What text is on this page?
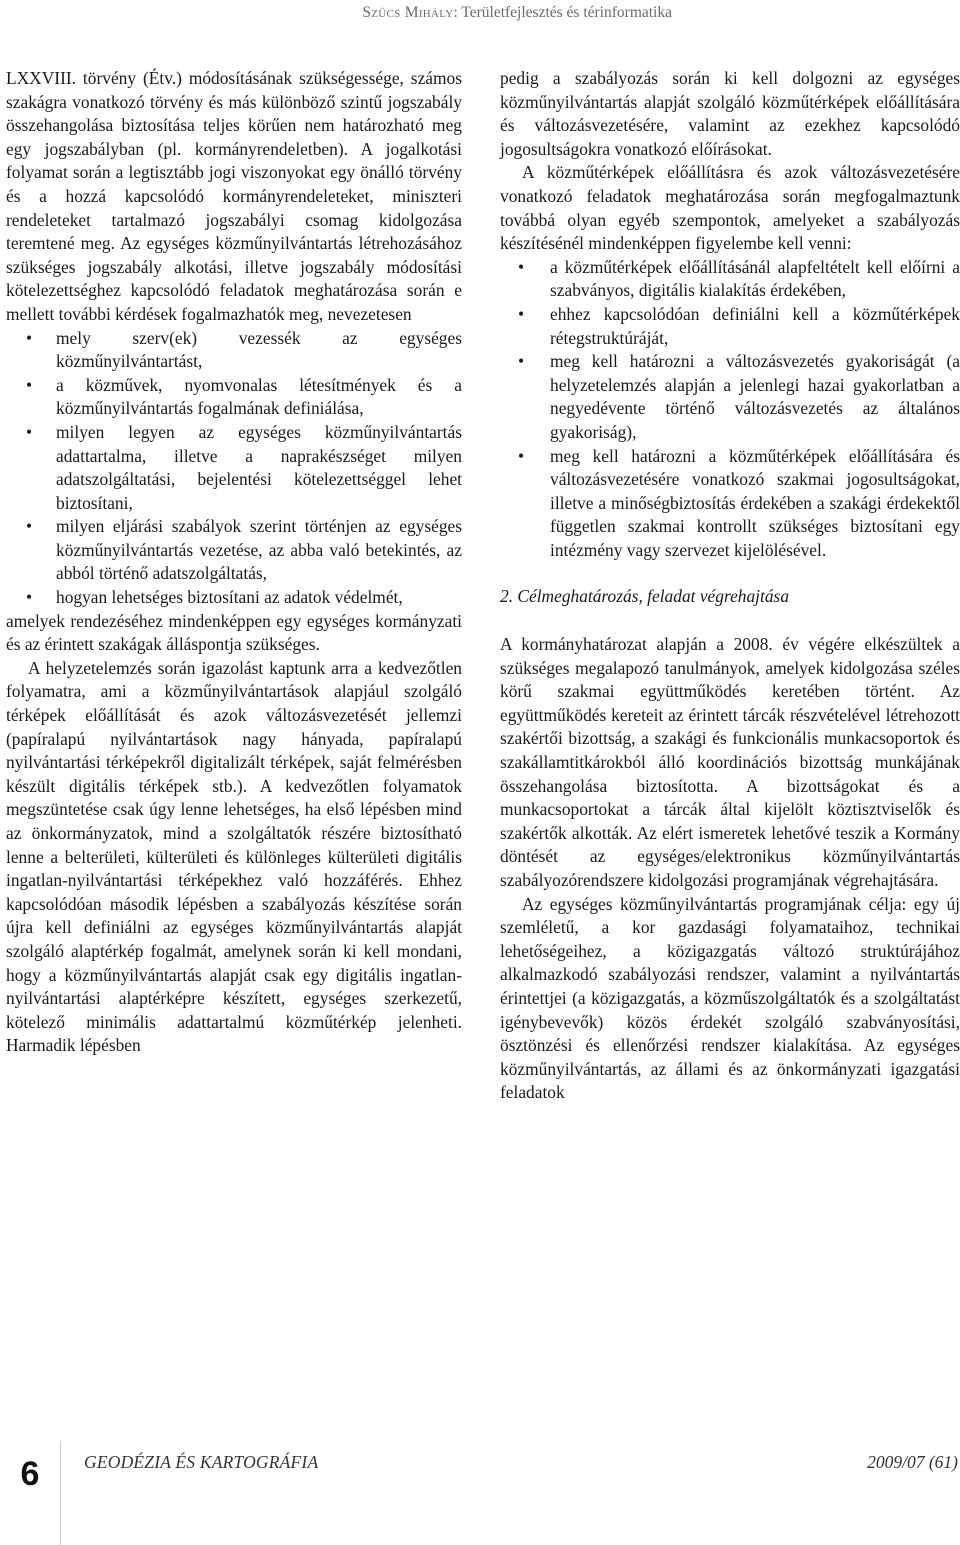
Szűcs Mihály: Területfejlesztés és térinformatika

LXXVIII. törvény (Étv.) módosításának szükségessége, számos szakágra vonatkozó törvény és más különböző szintű jogszabály összehangolása biztosítása teljes körűen nem határozható meg egy jogszabályban (pl. kormányrendeletben). A jogalkotási folyamat során a legtisztább jogi viszonyokat egy önálló törvény és a hozzá kapcsolódó kormányrendeleteket, miniszteri rendeleteket tartalmazó jogszabályi csomag kidolgozása teremtené meg. Az egységes közműnyilvántartás létrehozásához szükséges jogszabály alkotási, illetve jogszabály módosítási kötelezettséghez kapcsolódó feladatok meghatározása során e mellett további kérdések fogalmazhatók meg, nevezetesen

• mely szerv(ek) vezessék az egységes közműnyilvántartást,
• a közművek, nyomvonalas létesítmények és a közműnyilvántartás fogalmának definiálása,
• milyen legyen az egységes közműnyilvántartás adattartalma, illetve a naprakészséget milyen adatszolgáltatási, bejelentési kötelezettséggel lehet biztosítani,
• milyen eljárási szabályok szerint történjen az egységes közműnyilvántartás vezetése, az abba való betekintés, az abból történő adatszolgáltatás,
• hogyan lehetséges biztosítani az adatok védelmét,

amelyek rendezéséhez mindenképpen egy egységes kormányzati és az érintett szakágak álláspontja szükséges.

A helyzetelemzés során igazolást kaptunk arra a kedvezőtlen folyamatra, ami a közműnyilvántartások alapjául szolgáló térképek előállítását és azok változásvezetését jellemzi (papíralapú nyilvántartások nagy hányada, papíralapú nyilvántartási térképekről digitalizált térképek, saját felmérésben készült digitális térképek stb.). A kedvezőtlen folyamatok megszüntetése csak úgy lenne lehetséges, ha első lépésben mind az önkormányzatok, mind a szolgáltatók részére biztosítható lenne a belterületi, külterületi és különleges külterületi digitális ingatlan-nyilvántartási térképekhez való hozzáférés. Ehhez kapcsolódóan második lépésben a szabályozás készítése során újra kell definiálni az egységes közműnyilvántartás alapját szolgáló alaptérkép fogalmát, amelynek során ki kell mondani, hogy a közműnyilvántartás alapját csak egy digitális ingatlan-nyilvántartási alaptérképre készített, egységes szerkezetű, kötelező minimális adattartalmú közműtérkép jelenheti. Harmadik lépésben

pedig a szabályozás során ki kell dolgozni az egységes közműnyilvántartás alapját szolgáló közműtérképek előállítására és változásvezetésére, valamint az ezekhez kapcsolódó jogosultságokra vonatkozó előírásokat.

A közműtérképek előállításra és azok változásvezetésére vonatkozó feladatok meghatározása során megfogalmaztunk továbbá olyan egyéb szempontok, amelyeket a szabályozás készítésénél mindenképpen figyelembe kell venni:

• a közműtérképek előállításánál alapfeltételt kell előírni a szabványos, digitális kialakítás érdekében,
• ehhez kapcsolódóan definiálni kell a közműtérképek rétegstruktúráját,
• meg kell határozni a változásvezetés gyakoriságát (a helyzetelemzés alapján a jelenlegi hazai gyakorlatban a negyedévente történő változásvezetés az általános gyakoriság),
• meg kell határozni a közműtérképek előállítására és változásvezetésére vonatkozó szakmai jogosultságokat, illetve a minőségbiztosítás érdekében a szakági érdekektől független szakmai kontrollt szükséges biztosítani egy intézmény vagy szervezet kijelölésével.

2. Célmeghatározás, feladat végrehajtása

A kormányhatározat alapján a 2008. év végére elkészültek a szükséges megalapozó tanulmányok, amelyek kidolgozása széles körű szakmai együttműködés keretében történt. Az együttműködés kereteit az érintett tárcák részvételével létrehozott szakértői bizottság, a szakági és funkcionális munkacsoportok és szakállamtitkárokból álló koordinációs bizottság munkájának összehangolása biztosította. A bizottságokat és a munkacsoportokat a tárcák által kijelölt köztisztviselők és szakértők alkották. Az elért ismeretek lehetővé teszik a Kormány döntését az egységes/elektronikus közműnyilvántartás szabályozórendszere kidolgozási programjának végrehajtására.

Az egységes közműnyilvántartás programjának célja: egy új szemléletű, a kor gazdasági folyamataihoz, technikai lehetőségeihez, a közigazgatás változó struktúrájához alkalmazkodó szabályozási rendszer, valamint a nyilvántartás érintettjei (a közigazgatás, a közműszolgáltatók és a szolgáltatást igénybevevők) közös érdekét szolgáló szabványosítási, ösztönzési és ellenőrzési rendszer kialakítása. Az egységes közműnyilvántartás, az állami és az önkormányzati igazgatási feladatok

6	GEODÉZIA ÉS KARTOGRÁFIA	2009/07 (61)
